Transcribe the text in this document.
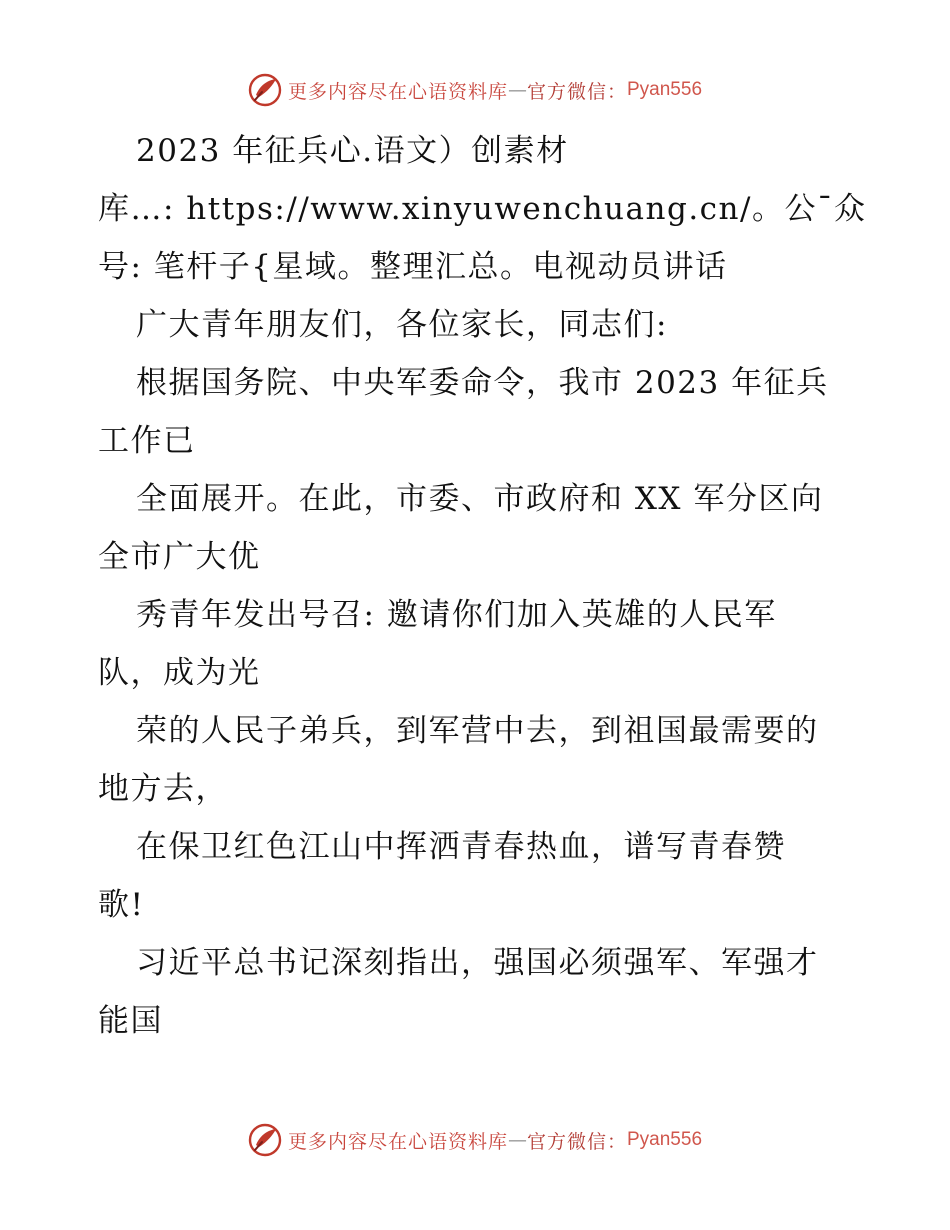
更多内容尽在心语资料库 — 官方微信： Pyan556
2023 年征兵心.语文）创素材
库…: https://www.xinyuwenchuang.cn/。公¯众
号: 笔杆子{星域。整理汇总。电视动员讲话
广大青年朋友们，各位家长，同志们:
根据国务院、中央军委命令，我市 2023 年征兵
工作已
全面展开。在此，市委、市政府和 XX 军分区向
全市广大优
秀青年发出号召: 邀请你们加入英雄的人民军
队，成为光
荣的人民子弟兵，到军营中去，到祖国最需要的
地方去，
在保卫红色江山中挥洒青春热血，谱写青春赞
歌!
习近平总书记深刻指出，强国必须强军、军强才
能国
更多内容尽在心语资料库 — 官方微信： Pyan556
